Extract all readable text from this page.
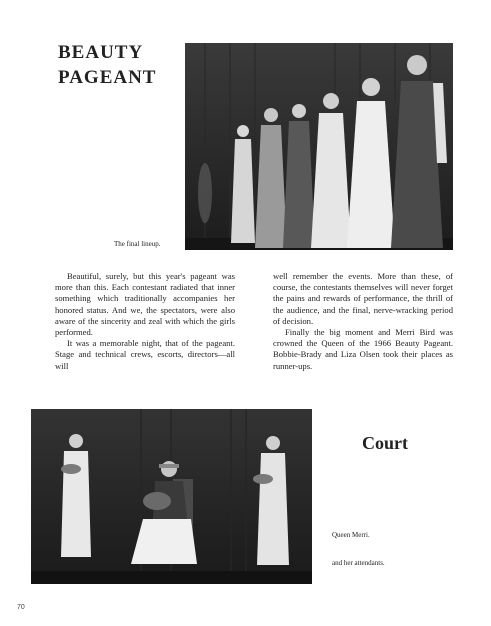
BEAUTY
PAGEANT
The final lineup.

Beautiful, surely, but this year's pageant was more than this. Each contestant radiated that inner something which traditionally accompanies her honored status. And we, the spectators, were also aware of the sincerity and zeal with which the girls performed.

It was a memorable night, that of the pageant. Stage and technical crews, escorts, directors—all will

well remember the events. More than these, of course, the contestants themselves will never forget the pains and rewards of performance, the thrill of the audience, and the final, nerve-wracking period of decision.

Finally the big moment and Merri Bird was crowned the Queen of the 1966 Beauty Pageant. Bobbie-Brady and Liza Olsen took their places as runner-ups.

Court
Queen Merri.
and her attendants.
70
